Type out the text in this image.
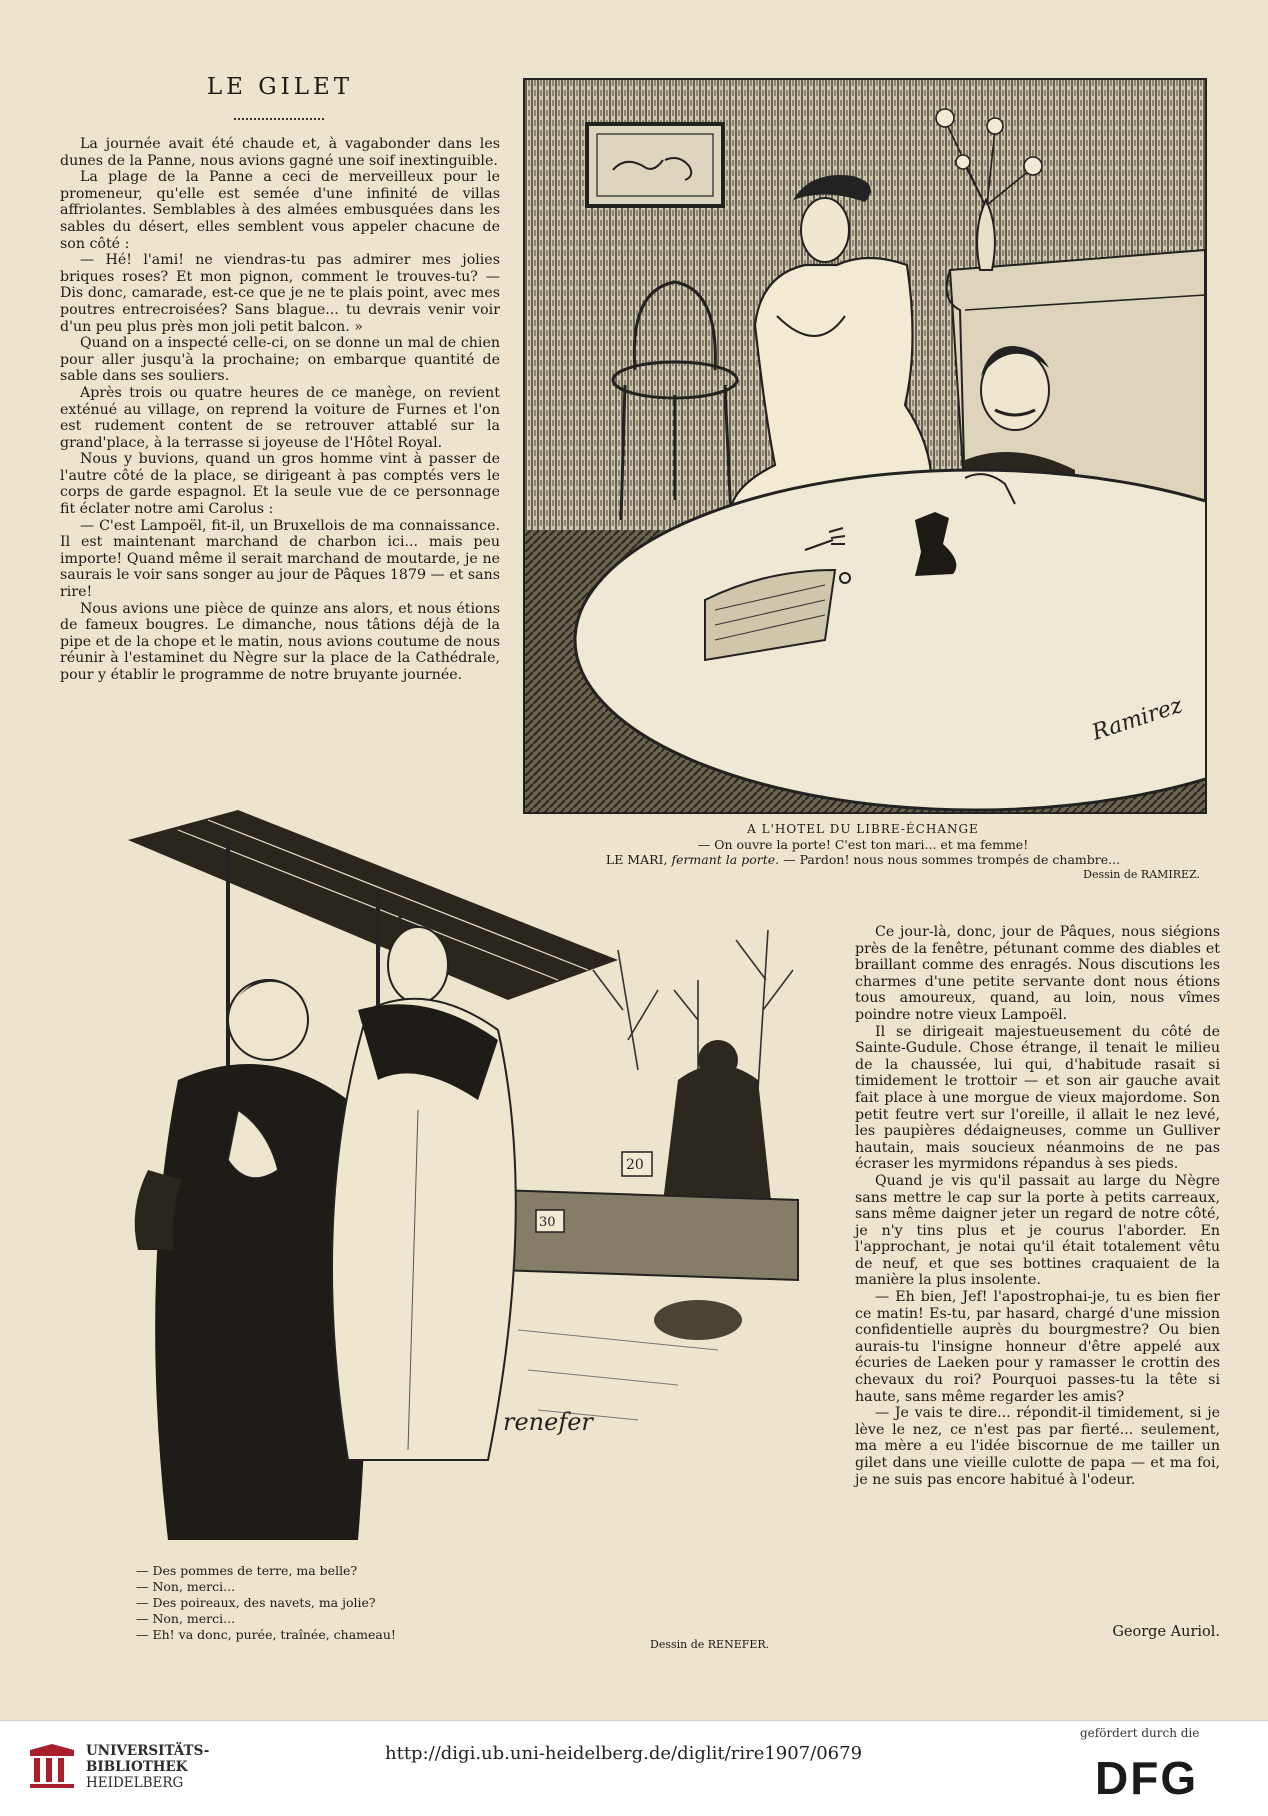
LE GILET

La journée avait été chaude et, à vagabonder dans les dunes de la Panne, nous avions gagné une soif inextinguible.

La plage de la Panne a ceci de merveilleux pour le promeneur, qu'elle est semée d'une infinité de villas affriolantes. Semblables à des almées embusquées dans les sables du désert, elles semblent vous appeler chacune de son côté :

— Hé! l'ami! ne viendras-tu pas admirer mes jolies briques roses? Et mon pignon, comment le trouves-tu? — Dis donc, camarade, est-ce que je ne te plais point, avec mes poutres entrecroisées? Sans blague... tu devrais venir voir d'un peu plus près mon joli petit balcon. »

Quand on a inspecté celle-ci, on se donne un mal de chien pour aller jusqu'à la prochaine; on embarque quantité de sable dans ses souliers.

Après trois ou quatre heures de ce manège, on revient exténué au village, on reprend la voiture de Furnes et l'on est rudement content de se retrouver attablé sur la grand'place, à la terrasse si joyeuse de l'Hôtel Royal.

Nous y buvions, quand un gros homme vint à passer de l'autre côté de la place, se dirigeant à pas comptés vers le corps de garde espagnol. Et la seule vue de ce personnage fit éclater notre ami Carolus :

— C'est Lampoël, fit-il, un Bruxellois de ma connaissance. Il est maintenant marchand de charbon ici... mais peu importe! Quand même il serait marchand de moutarde, je ne saurais le voir sans songer au jour de Pâques 1879 — et sans rire!

Nous avions une pièce de quinze ans alors, et nous étions de fameux bougres. Le dimanche, nous tâtions déjà de la pipe et de la chope et le matin, nous avions coutume de nous réunir à l'estaminet du Nègre sur la place de la Cathédrale, pour y établir le programme de notre bruyante journée.

Ramirez
A L'HOTEL DU LIBRE-ÉCHANGE
— On ouvre la porte! C'est ton mari... et ma femme!
LE MARI, fermant la porte. — Pardon! nous nous sommes trompés de chambre...
Dessin de RAMIREZ.
30
20
renefer
— Des pommes de terre, ma belle?
— Non, merci...
— Des poireaux, des navets, ma jolie?
— Non, merci...
— Eh! va donc, purée, traînée, chameau!
Dessin de RENEFER.

Ce jour-là, donc, jour de Pâques, nous siégions près de la fenêtre, pétunant comme des diables et braillant comme des enragés. Nous discutions les charmes d'une petite servante dont nous étions tous amoureux, quand, au loin, nous vîmes poindre notre vieux Lampoël.

Il se dirigeait majestueusement du côté de Sainte-Gudule. Chose étrange, il tenait le milieu de la chaussée, lui qui, d'habitude rasait si timidement le trottoir — et son air gauche avait fait place à une morgue de vieux majordome. Son petit feutre vert sur l'oreille, il allait le nez levé, les paupières dédaigneuses, comme un Gulliver hautain, mais soucieux néanmoins de ne pas écraser les myrmidons répandus à ses pieds.

Quand je vis qu'il passait au large du Nègre sans mettre le cap sur la porte à petits carreaux, sans même daigner jeter un regard de notre côté, je n'y tins plus et je courus l'aborder. En l'approchant, je notai qu'il était totalement vêtu de neuf, et que ses bottines craquaient de la manière la plus insolente.

— Eh bien, Jef! l'apostrophai-je, tu es bien fier ce matin! Es-tu, par hasard, chargé d'une mission confidentielle auprès du bourgmestre? Ou bien aurais-tu l'insigne honneur d'être appelé aux écuries de Laeken pour y ramasser le crottin des chevaux du roi? Pourquoi passes-tu la tête si haute, sans même regarder les amis?

— Je vais te dire... répondit-il timidement, si je lève le nez, ce n'est pas par fierté... seulement, ma mère a eu l'idée biscornue de me tailler un gilet dans une vieille culotte de papa — et ma foi, je ne suis pas encore habitué à l'odeur.

George Auriol.
UNIVERSITÄTS-
BIBLIOTHEK
HEIDELBERG
http://digi.ub.uni-heidelberg.de/diglit/rire1907/0679
gefördert durch die
DFG
